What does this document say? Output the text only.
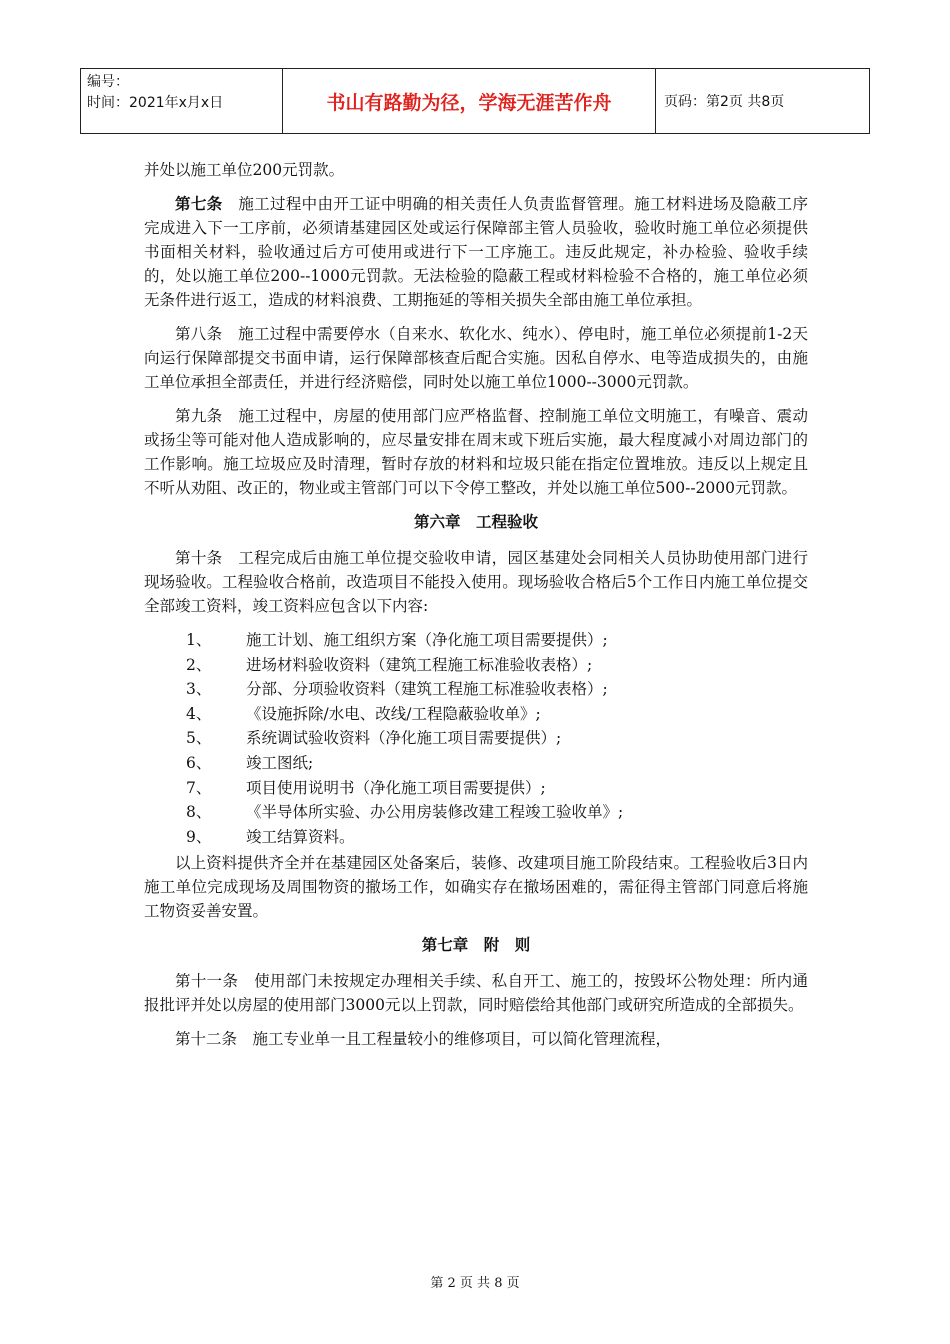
编号：
时间：2021年x月x日	书山有路勤为径，学海无涯苦作舟	页码：第2页 共8页

并处以施工单位200元罚款。

第七条　施工过程中由开工证中明确的相关责任人负责监督管理。施工材料进场及隐蔽工序完成进入下一工序前，必须请基建园区处或运行保障部主管人员验收，验收时施工单位必须提供书面相关材料，验收通过后方可使用或进行下一工序施工。违反此规定，补办检验、验收手续的，处以施工单位200--1000元罚款。无法检验的隐蔽工程或材料检验不合格的，施工单位必须无条件进行返工，造成的材料浪费、工期拖延的等相关损失全部由施工单位承担。

第八条　施工过程中需要停水（自来水、软化水、纯水）、停电时，施工单位必须提前1-2天向运行保障部提交书面申请，运行保障部核查后配合实施。因私自停水、电等造成损失的，由施工单位承担全部责任，并进行经济赔偿，同时处以施工单位1000--3000元罚款。

第九条　施工过程中，房屋的使用部门应严格监督、控制施工单位文明施工，有噪音、震动或扬尘等可能对他人造成影响的，应尽量安排在周末或下班后实施，最大程度减小对周边部门的工作影响。施工垃圾应及时清理，暂时存放的材料和垃圾只能在指定位置堆放。违反以上规定且不听从劝阻、改正的，物业或主管部门可以下令停工整改，并处以施工单位500--2000元罚款。

第六章　工程验收

第十条　工程完成后由施工单位提交验收申请，园区基建处会同相关人员协助使用部门进行现场验收。工程验收合格前，改造项目不能投入使用。现场验收合格后5个工作日内施工单位提交全部竣工资料，竣工资料应包含以下内容:

1、	施工计划、施工组织方案（净化施工项目需要提供）;
2、	进场材料验收资料（建筑工程施工标准验收表格）;
3、	分部、分项验收资料（建筑工程施工标准验收表格）;
4、	《设施拆除/水电、改线/工程隐蔽验收单》;
5、	系统调试验收资料（净化施工项目需要提供）;
6、	竣工图纸;
7、	项目使用说明书（净化施工项目需要提供）;
8、	《半导体所实验、办公用房装修改建工程竣工验收单》;
9、	竣工结算资料。

以上资料提供齐全并在基建园区处备案后，装修、改建项目施工阶段结束。工程验收后3日内施工单位完成现场及周围物资的撤场工作，如确实存在撤场困难的，需征得主管部门同意后将施工物资妥善安置。

第七章　附　则

第十一条　使用部门未按规定办理相关手续、私自开工、施工的，按毁坏公物处理：所内通报批评并处以房屋的使用部门3000元以上罚款，同时赔偿给其他部门或研究所造成的全部损失。

第十二条　施工专业单一且工程量较小的维修项目，可以简化管理流程，

第 2 页 共 8 页
